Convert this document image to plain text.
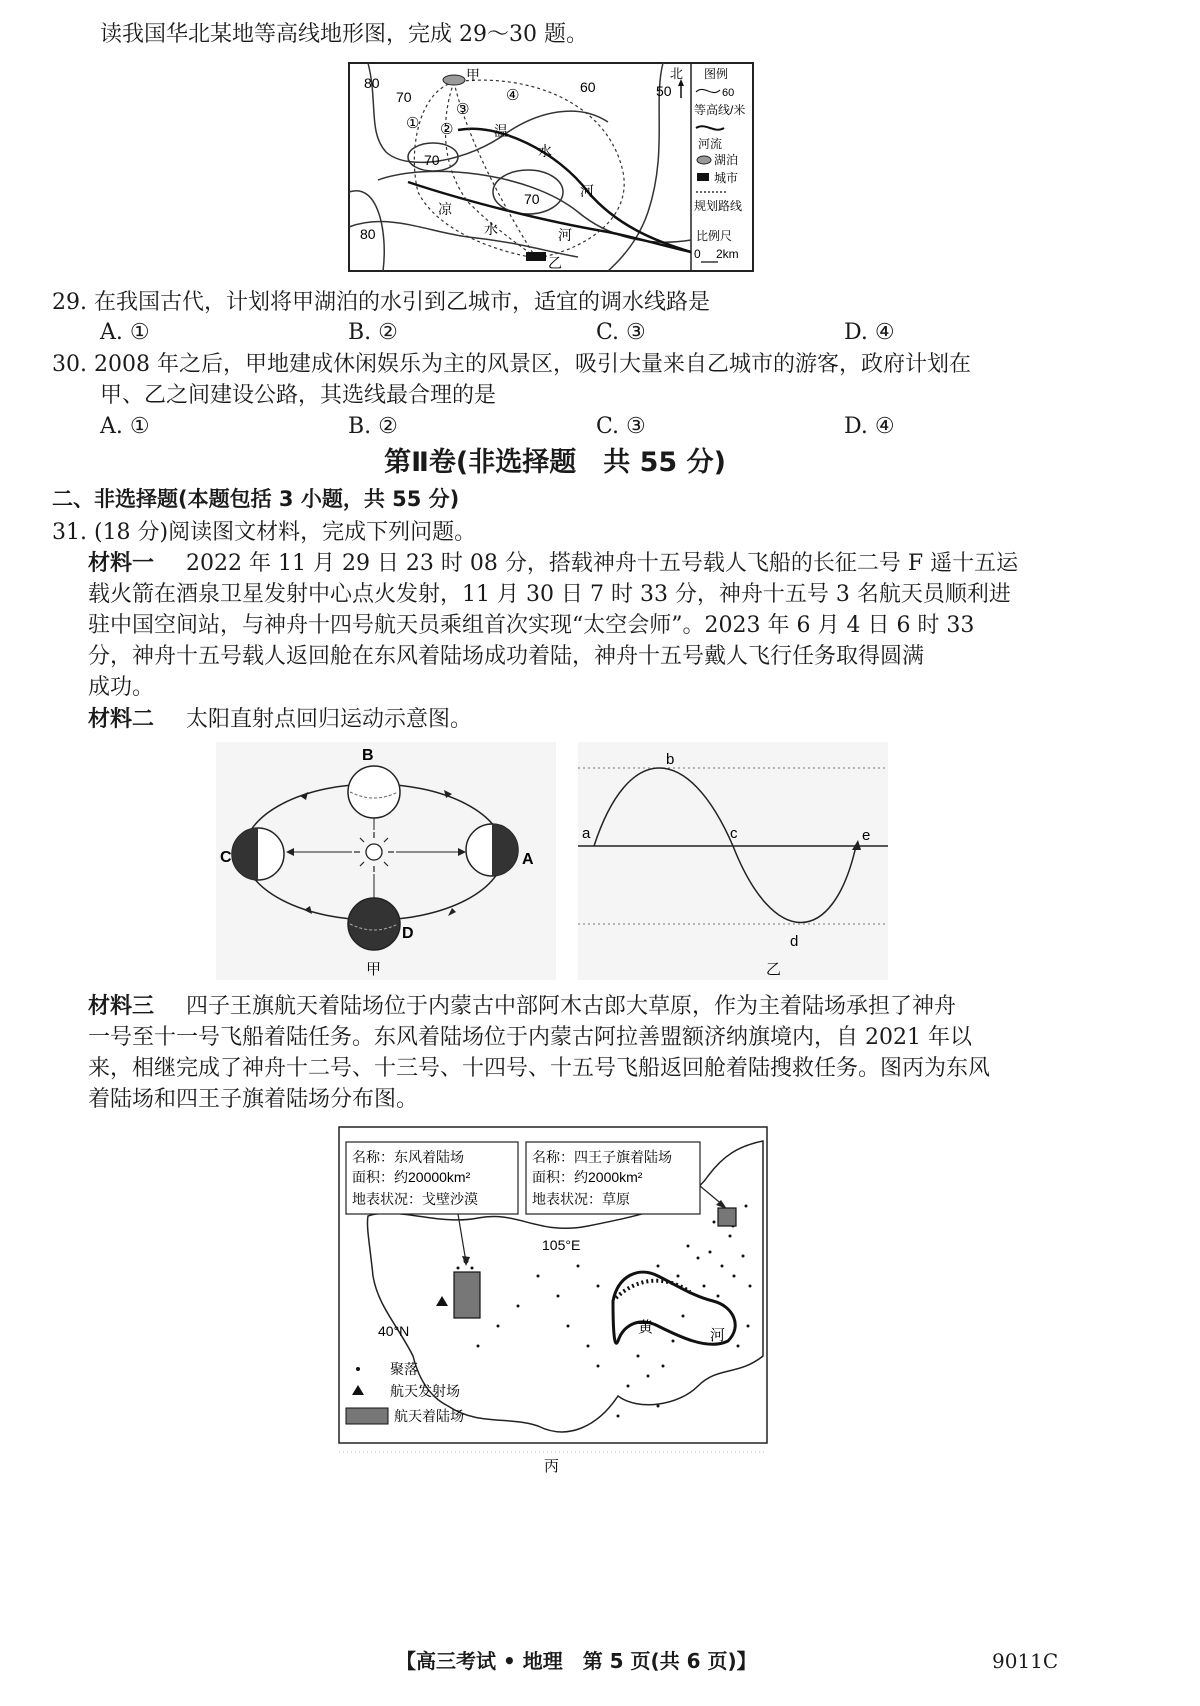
读我国华北某地等高线地形图，完成 29～30 题。
甲
乙
80
70
60	50
70
70
80
① ②
③
④
温
水
河
凉
水	河
北 图例
60
等高线/米
河流
湖泊
城市
规划路线
比例尺
0 2km
29. 在我国古代，计划将甲湖泊的水引到乙城市，适宜的调水线路是
A. ①	B. ②	C. ③	D. ④
30. 2008 年之后，甲地建成休闲娱乐为主的风景区，吸引大量来自乙城市的游客，政府计划在
甲、乙之间建设公路，其选线最合理的是
A. ①	B. ②	C. ③	D. ④
第Ⅱ卷(非选择题　共 55 分)
二、非选择题(本题包括 3 小题，共 55 分)
31. (18 分)阅读图文材料，完成下列问题。
材料一 2022 年 11 月 29 日 23 时 08 分，搭载神舟十五号载人飞船的长征二号 F 遥十五运
载火箭在酒泉卫星发射中心点火发射，11 月 30 日 7 时 33 分，神舟十五号 3 名航天员顺利进
驻中国空间站，与神舟十四号航天员乘组首次实现“太空会师”。2023 年 6 月 4 日 6 时 33
分，神舟十五号载人返回舱在东风着陆场成功着陆，神舟十五号戴人飞行任务取得圆满
成功。
材料二 太阳直射点回归运动示意图。
B
C	A
D
甲
a
b
c
d
e
乙
材料三 四子王旗航天着陆场位于内蒙古中部阿木古郎大草原，作为主着陆场承担了神舟
一号至十一号飞船着陆任务。东风着陆场位于内蒙古阿拉善盟额济纳旗境内，自 2021 年以
来，相继完成了神舟十二号、十三号、十四号、十五号飞船返回舱着陆搜救任务。图丙为东风
着陆场和四王子旗着陆场分布图。
名称：东风着陆场
面积：约20000km²
地表状况：戈壁沙漠
名称：四王子旗着陆场
面积：约2000km²
地表状况：草原
105°E
40°N	黄	河
聚落
航天发射场
航天着陆场
丙
【高三考试 • 地理　第 5 页(共 6 页)】	9011C
